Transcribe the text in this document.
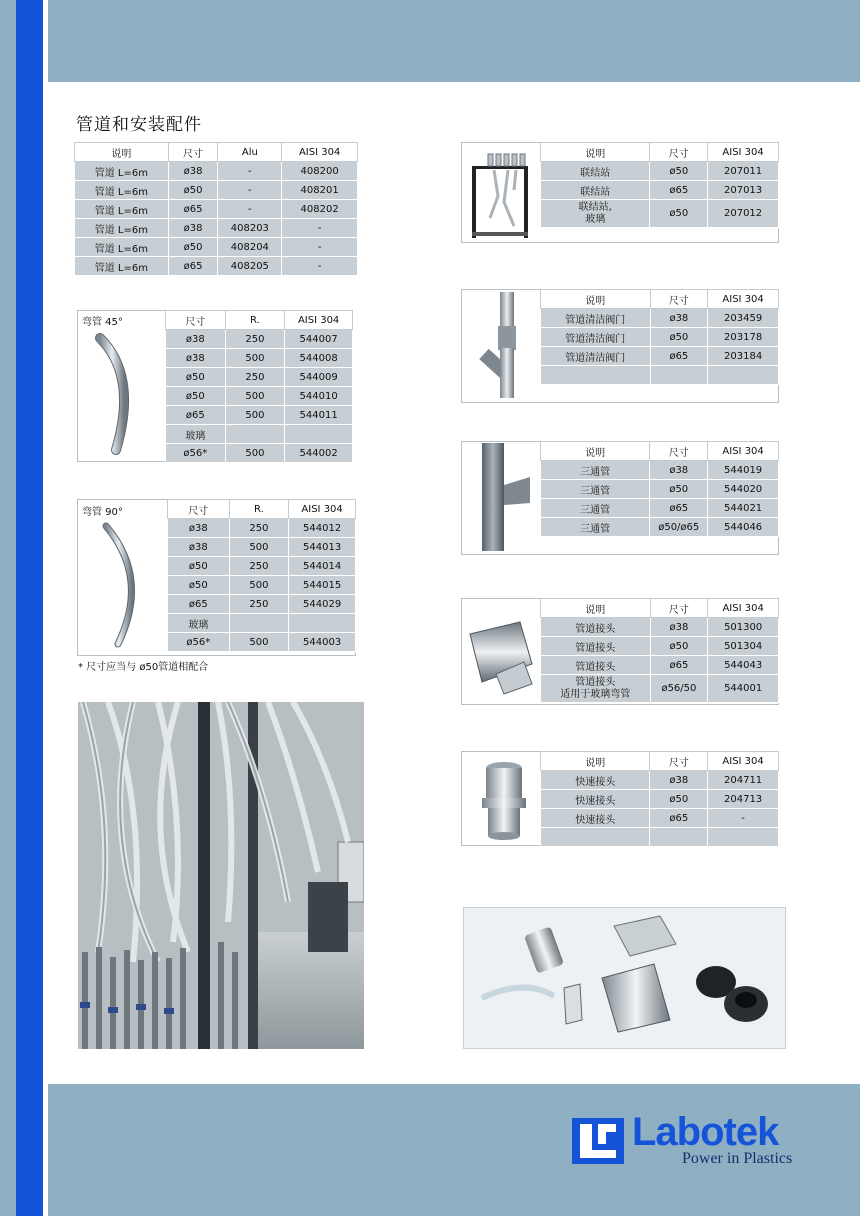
管道和安装配件
说明	尺寸	Alu	AISI 304
管道 L=6m	ø38	-	408200
管道 L=6m	ø50	-	408201
管道 L=6m	ø65	-	408202
管道 L=6m	ø38	408203	-
管道 L=6m	ø50	408204	-
管道 L=6m	ø65	408205	-
弯管 45°	尺寸	R.	AISI 304
ø38	250	544007
ø38	500	544008
ø50	250	544009
ø50	500	544010
ø65	500	544011
玻璃		
ø56*	500	544002
弯管 90°	尺寸	R.	AISI 304
ø38	250	544012
ø38	500	544013
ø50	250	544014
ø50	500	544015
ø65	250	544029
玻璃		
ø56*	500	544003
* 尺寸应当与 ø50管道相配合
说明	尺寸	AISI 304
联结站	ø50	207011
联结站	ø65	207013
联结站,
玻璃	ø50	207012
说明	尺寸	AISI 304
管道清洁阀门	ø38	203459
管道清洁阀门	ø50	203178
管道清洁阀门	ø65	203184

说明	尺寸	AISI 304
三通管	ø38	544019
三通管	ø50	544020
三通管	ø65	544021
三通管	ø50/ø65	544046
说明	尺寸	AISI 304
管道接头	ø38	501300
管道接头	ø50	501304
管道接头	ø65	544043
管道接头
适用于玻璃弯管	ø56/50	544001
说明	尺寸	AISI 304
快速接头	ø38	204711
快速接头	ø50	204713
快速接头	ø65	-

Labotek
Power in Plastics
